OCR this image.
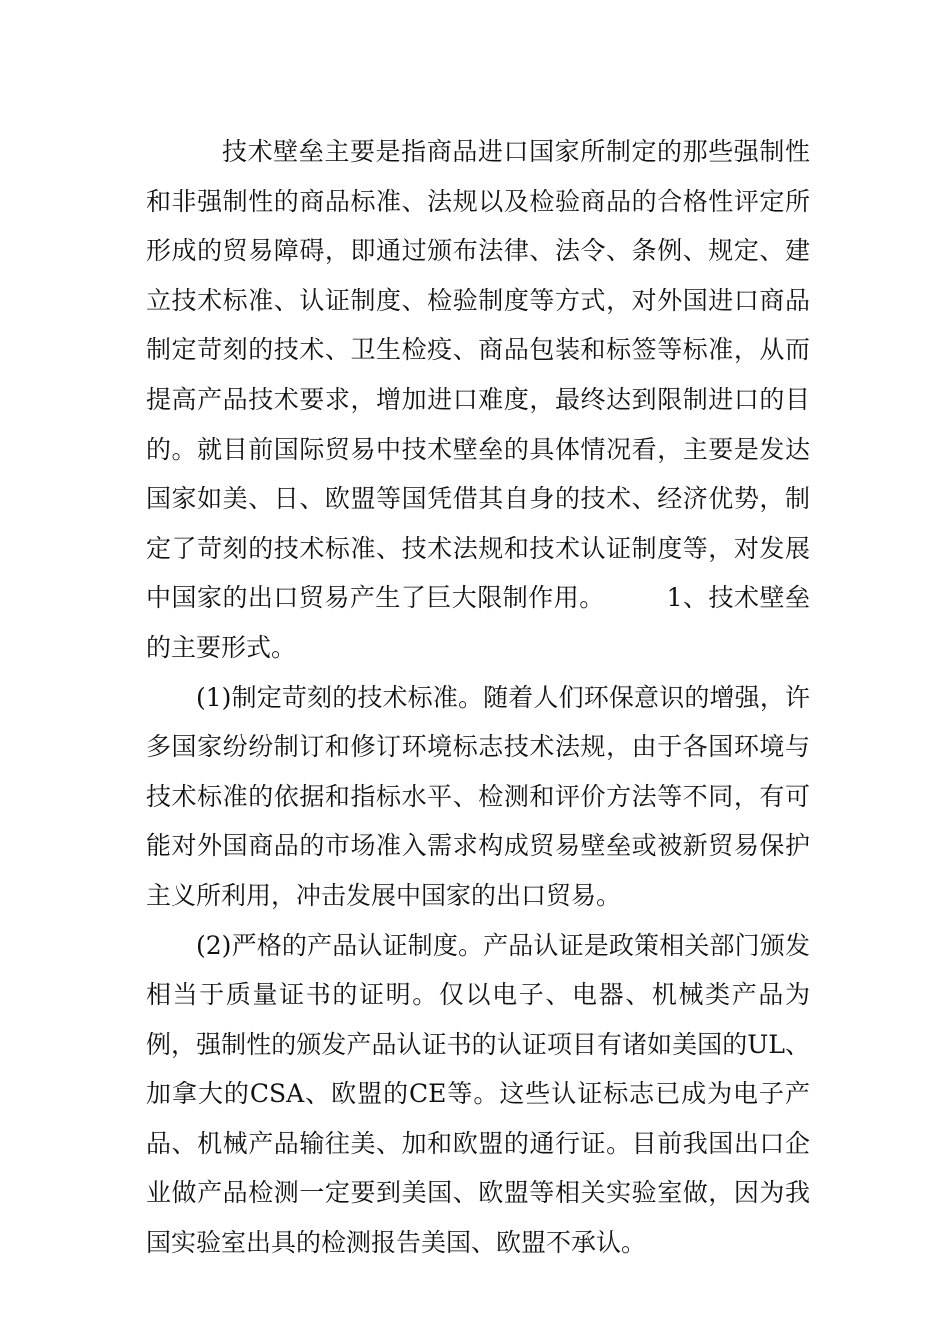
技术壁垒主要是指商品进口国家所制定的那些强制性和非强制性的商品标准、法规以及检验商品的合格性评定所形成的贸易障碍，即通过颁布法律、法令、条例、规定、建立技术标准、认证制度、检验制度等方式，对外国进口商品制定苛刻的技术、卫生检疫、商品包装和标签等标准，从而提高产品技术要求，增加进口难度，最终达到限制进口的目的。就目前国际贸易中技术壁垒的具体情况看，主要是发达国家如美、日、欧盟等国凭借其自身的技术、经济优势，制定了苛刻的技术标准、技术法规和技术认证制度等，对发展中国家的出口贸易产生了巨大限制作用。 1、技术壁垒的主要形式。

(1)制定苛刻的技术标准。随着人们环保意识的增强，许多国家纷纷制订和修订环境标志技术法规，由于各国环境与技术标准的依据和指标水平、检测和评价方法等不同，有可能对外国商品的市场准入需求构成贸易壁垒或被新贸易保护主义所利用，冲击发展中国家的出口贸易。

(2)严格的产品认证制度。产品认证是政策相关部门颁发相当于质量证书的证明。仅以电子、电器、机械类产品为例，强制性的颁发产品认证书的认证项目有诸如美国的UL、加拿大的CSA、欧盟的CE等。这些认证标志已成为电子产品、机械产品输往美、加和欧盟的通行证。目前我国出口企业做产品检测一定要到美国、欧盟等相关实验室做，因为我国实验室出具的检测报告美国、欧盟不承认。
